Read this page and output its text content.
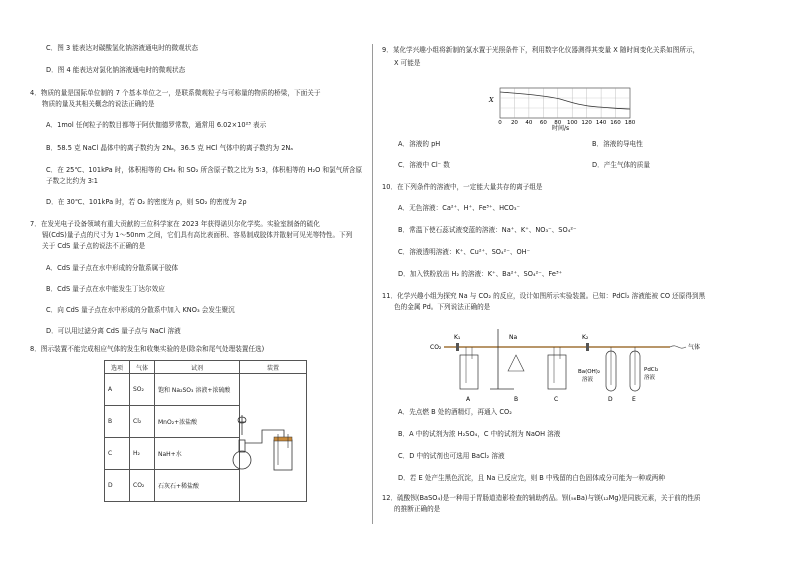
C．图 3 能表达对碳酸氢化钠溶液通电时的微观状态
D．图 4 能表达对氯化钠溶液通电时的微观状态
4．物质的量是国际单位制的 7 个基本单位之一，是联系微观粒子与可称量的物质的桥梁，下面关于
物质的量及其相关概念的说法正确的是
A．1mol 任何粒子的数目都等于阿伏伽德罗常数，通常用 6.02×10²³ 表示
B．58.5 克 NaCl 晶体中的离子数约为 2Nₐ，36.5 克 HCl 气体中的离子数约为 2Nₐ
C．在 25℃、101kPa 时，体积相等的 CH₄ 和 SO₂ 所含原子数之比为 5∶3，体积相等的 H₂O 和氯气所含原
子数之比约为 3∶1
D．在 30℃、101kPa 时，若 O₂ 的密度为 ρ，则 SO₂ 的密度为 2ρ
7．在发光电子设备领域有重大贡献的三位科学家在 2023 年获得诺贝尔化学奖。实验室制备的硫化
镉(CdS)量子点的尺寸为 1～50nm 之间，它们具有高比表面积、容易制成胶体并散射可见光等特性。下列
关于 CdS 量子点的说法不正确的是
A．CdS 量子点在水中形成的分散系属于胶体
B．CdS 量子点在水中能发生丁达尔效应
C．向 CdS 量子点在水中形成的分散系中加入 KNO₃ 会发生聚沉
D．可以用过滤分离 CdS 量子点与 NaCl 溶液
8．图示装置不能完成相应气体的发生和收集实验的是(除杂和尾气处理装置任选)
选项	气体	试剂	装置
A	SO₂	饱和 Na₂SO₃ 溶液+浓硫酸	
B	Cl₂	MnO₂+浓盐酸	
C	H₂	NaH+水	
D	CO₂	石灰石+稀盐酸	
9．某化学兴趣小组将新制的氯水置于光照条件下，利用数字化仪器测得其变量 X 随时间变化关系如图所示，
X 可能是
A．溶液的 pH	B．溶液的导电性
C．溶液中 Cl⁻ 数	D．产生气体的质量
10．在下列条件的溶液中，一定能大量共存的离子组是
A．无色溶液：Ca²⁺、H⁺、Fe³⁺、HCO₃⁻
B．常温下使石蕊试液变蓝的溶液：Na⁺、K⁺、NO₃⁻、SO₄²⁻
C．溶液透明溶液：K⁺、Cu²⁺、SO₄²⁻、OH⁻
D．加入铁粉放出 H₂ 的溶液：K⁺、Ba²⁺、SO₄²⁻、Fe³⁺
11．化学兴趣小组为探究 Na 与 CO₂ 的反应，设计如图所示实验装置。已知：PdCl₂ 溶液能被 CO 还原得到黑
色的金属 Pd。下列说法正确的是
A．先点燃 B 处的酒精灯，再通入 CO₂
B．A 中的试剂为浓 H₂SO₄，C 中的试剂为 NaOH 溶液
C．D 中的试剂也可选用 BaCl₂ 溶液
D．若 E 处产生黑色沉淀，且 Na 已反应完，则 B 中残留的白色固体成分可能为一种或两种
12．硫酸钡(BaSO₄)是一种用于胃肠道造影检查的辅助药品。钡(₅₆Ba)与镁(₁₂Mg)是同族元素，关于前的性质
的推断正确的是
X
0 20 40 60 80 100 120 140 160 180
时间/s
CO₂
K₁
A
Na
B	C
K₂
Ba(OH)₂
溶液
D
PdCl₂
溶液
E
气体
